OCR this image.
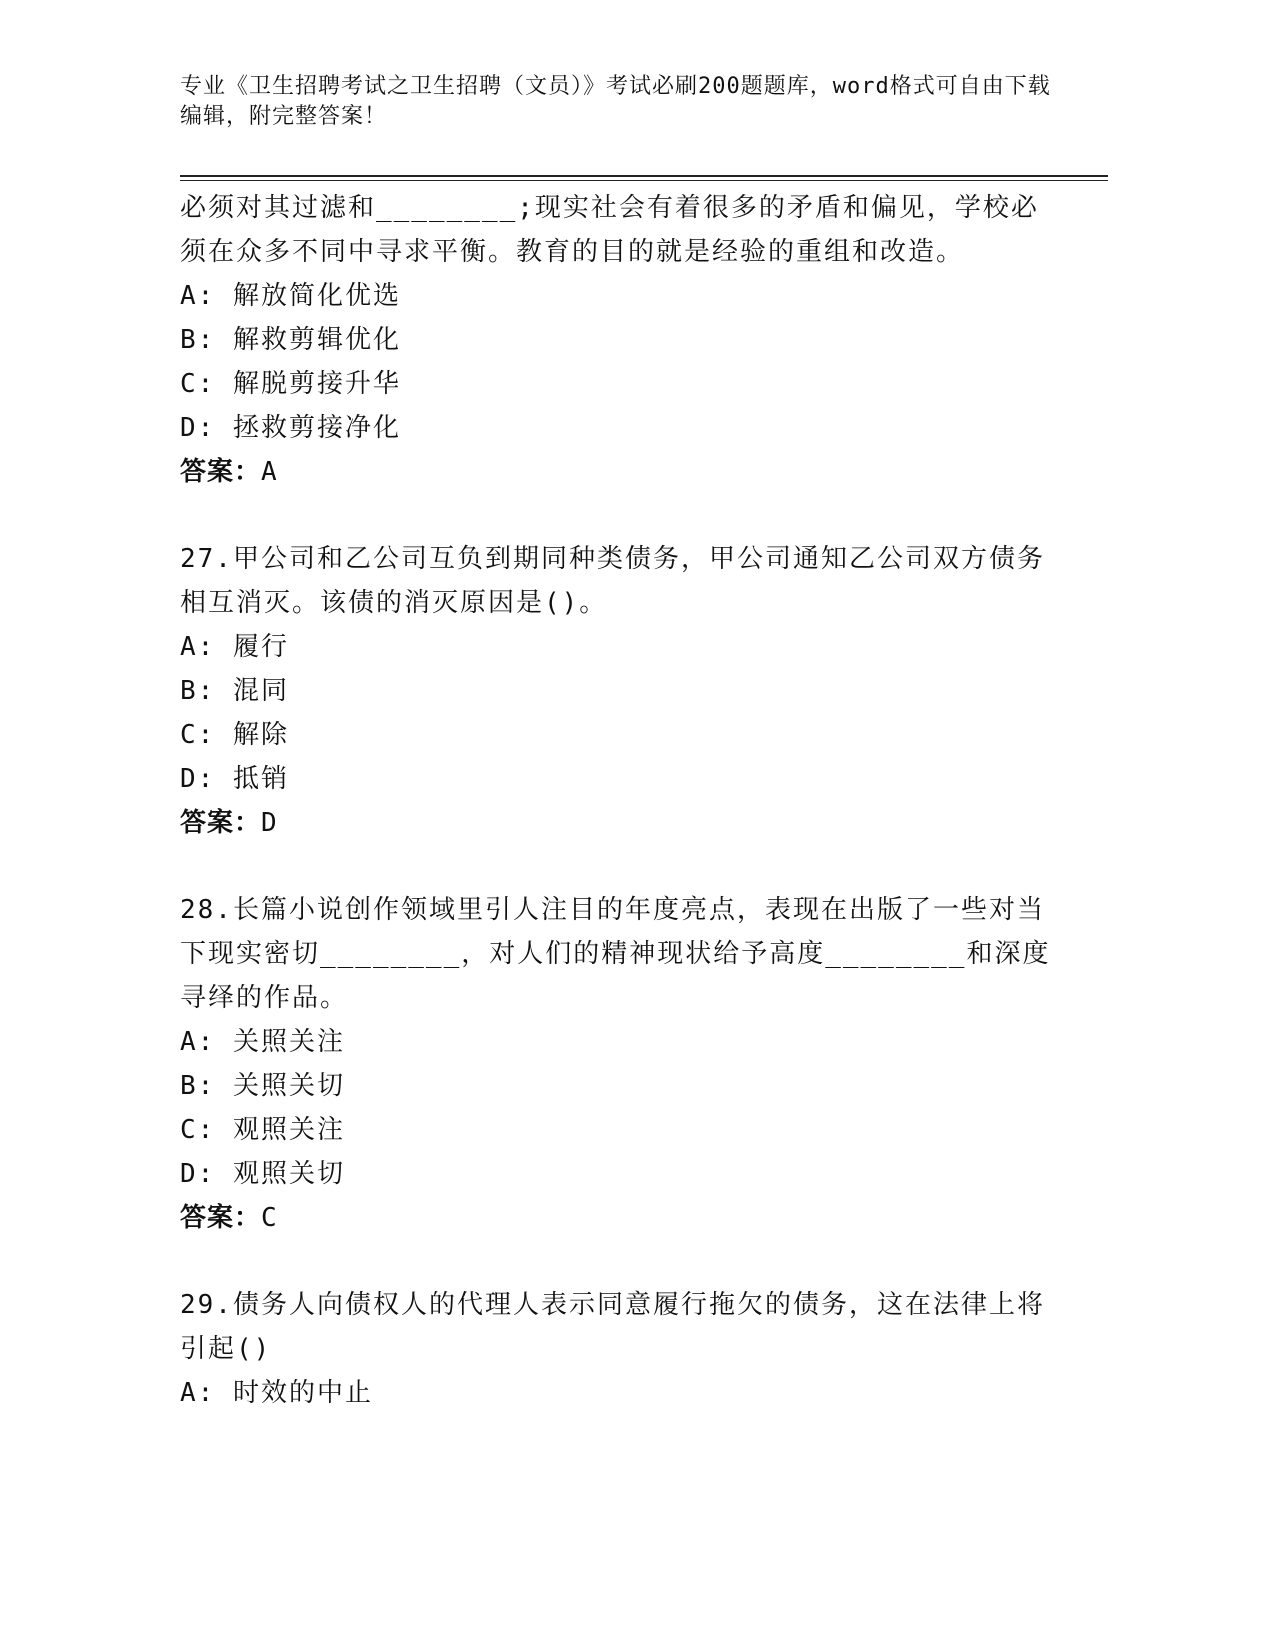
专业《卫生招聘考试之卫生招聘（文员）》考试必刷200题题库，word格式可自由下载编辑，附完整答案！

必须对其过滤和________;现实社会有着很多的矛盾和偏见，学校必须在众多不同中寻求平衡。教育的目的就是经验的重组和改造。

A: 解放简化优选

B: 解救剪辑优化

C: 解脱剪接升华

D: 拯救剪接净化

答案：A

27.甲公司和乙公司互负到期同种类债务，甲公司通知乙公司双方债务相互消灭。该债的消灭原因是()。

A: 履行

B: 混同

C: 解除

D: 抵销

答案：D

28.长篇小说创作领域里引人注目的年度亮点，表现在出版了一些对当下现实密切________，对人们的精神现状给予高度________和深度寻绎的作品。

A: 关照关注

B: 关照关切

C: 观照关注

D: 观照关切

答案：C

29.债务人向债权人的代理人表示同意履行拖欠的债务，这在法律上将引起()

A: 时效的中止
